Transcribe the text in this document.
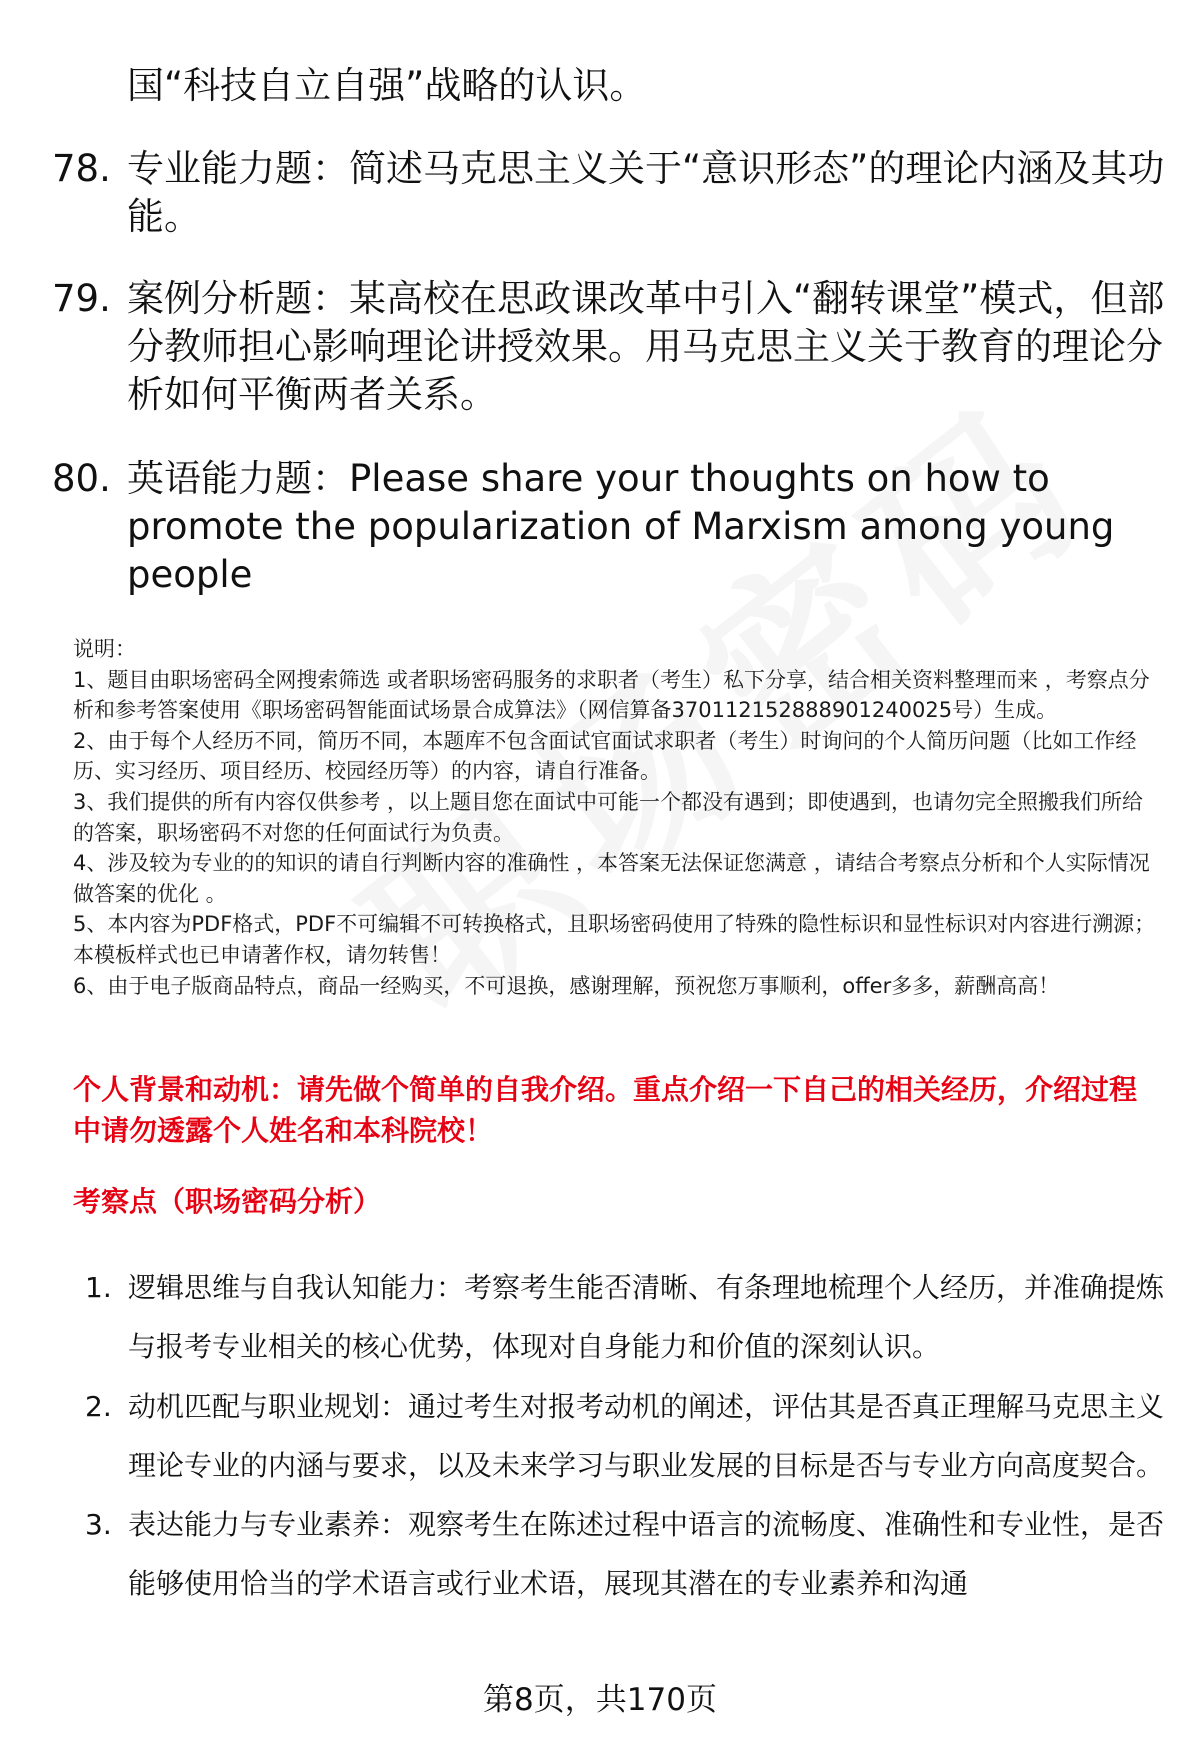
国“科技自立自强”战略的认识。
78. 专业能力题：简述马克思主义关于“意识形态”的理论内涵及其功能。
79. 案例分析题：某高校在思政课改革中引入“翻转课堂”模式，但部分教师担心影响理论讲授效果。用马克思主义关于教育的理论分析如何平衡两者关系。
80. 英语能力题：Please share your thoughts on how to promote the popularization of Marxism among young people

说明：

1、题目由职场密码全网搜索筛选 或者职场密码服务的求职者（考生）私下分享，结合相关资料整理而来 ，考察点分析和参考答案使用《职场密码智能面试场景合成算法》（网信算备370112152888901240025号）生成。

2、由于每个人经历不同，简历不同，本题库不包含面试官面试求职者（考生）时询问的个人简历问题（比如工作经历、实习经历、项目经历、校园经历等）的内容，请自行准备。

3、我们提供的所有内容仅供参考 ，以上题目您在面试中可能一个都没有遇到；即使遇到，也请勿完全照搬我们所给的答案，职场密码不对您的任何面试行为负责。

4、涉及较为专业的的知识的请自行判断内容的准确性 ，本答案无法保证您满意 ，请结合考察点分析和个人实际情况做答案的优化 。

5、本内容为PDF格式，PDF不可编辑不可转换格式，且职场密码使用了特殊的隐性标识和显性标识对内容进行溯源；本模板样式也已申请著作权，请勿转售！

6、由于电子版商品特点，商品一经购买，不可退换，感谢理解，预祝您万事顺利，offer多多，薪酬高高！

个人背景和动机：请先做个简单的自我介绍。重点介绍一下自己的相关经历，介绍过程中请勿透露个人姓名和本科院校！
考察点（职场密码分析）
1. 逻辑思维与自我认知能力：考察考生能否清晰、有条理地梳理个人经历，并准确提炼与报考专业相关的核心优势，体现对自身能力和价值的深刻认识。
2. 动机匹配与职业规划：通过考生对报考动机的阐述，评估其是否真正理解马克思主义理论专业的内涵与要求，以及未来学习与职业发展的目标是否与专业方向高度契合。
3. 表达能力与专业素养：观察考生在陈述过程中语言的流畅度、准确性和专业性，是否能够使用恰当的学术语言或行业术语，展现其潜在的专业素养和沟通
第8页，共170页
